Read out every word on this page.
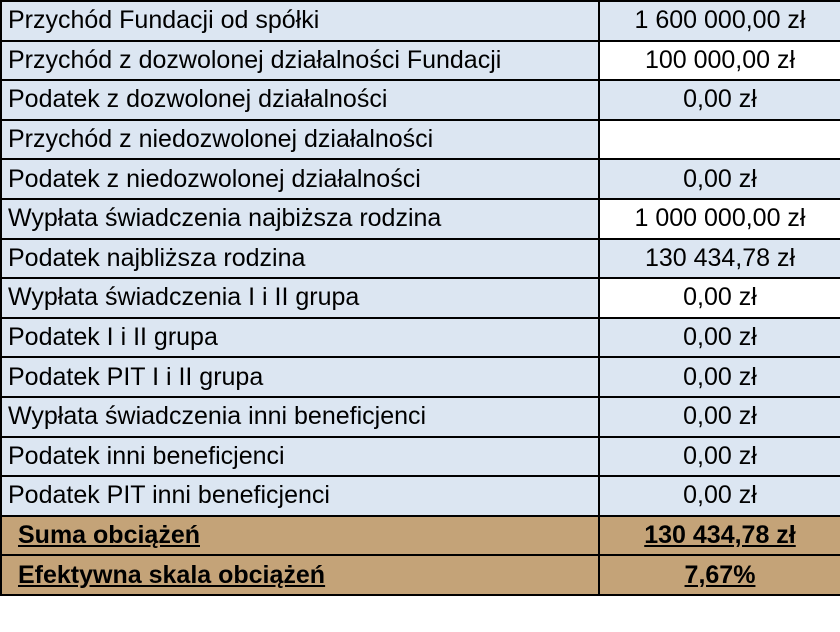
Przychód Fundacji od spółki	1 600 000,00 zł
Przychód z dozwolonej działalności Fundacji	100 000,00 zł
Podatek z dozwolonej działalności	0,00 zł
Przychód z niedozwolonej działalności	
Podatek z niedozwolonej działalności	0,00 zł
Wypłata świadczenia najbiższa rodzina	1 000 000,00 zł
Podatek najbliższa rodzina	130 434,78 zł
Wypłata świadczenia I i II grupa	0,00 zł
Podatek I i II grupa	0,00 zł
Podatek PIT I i II grupa	0,00 zł
Wypłata świadczenia inni beneficjenci	0,00 zł
Podatek inni beneficjenci	0,00 zł
Podatek PIT inni beneficjenci	0,00 zł
Suma obciążeń	130 434,78 zł
Efektywna skala obciążeń	7,67%
